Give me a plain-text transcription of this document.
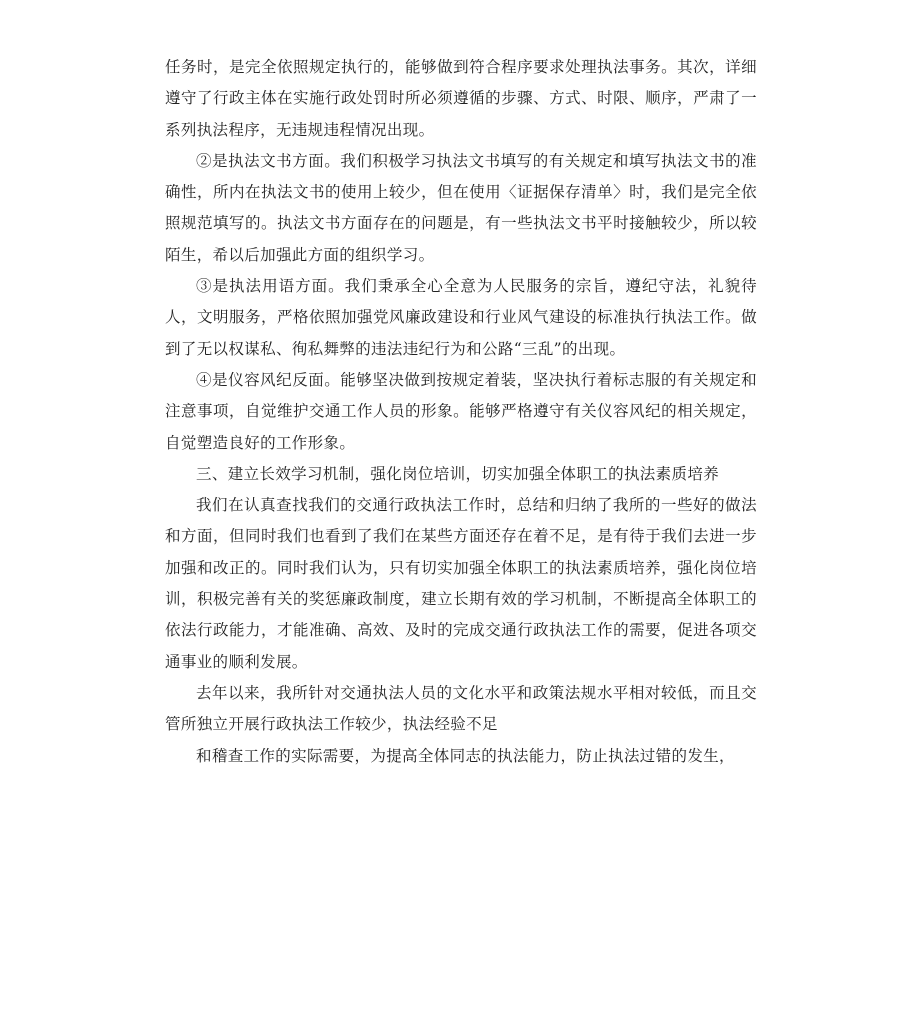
任务时，是完全依照规定执行的，能够做到符合程序要求处理执法事务。其次，详细遵守了行政主体在实施行政处罚时所必须遵循的步骤、方式、时限、顺序，严肃了一系列执法程序，无违规违程情况出现。

②是执法文书方面。我们积极学习执法文书填写的有关规定和填写执法文书的准确性，所内在执法文书的使用上较少，但在使用〈证据保存清单〉时，我们是完全依照规范填写的。执法文书方面存在的问题是，有一些执法文书平时接触较少，所以较陌生，希以后加强此方面的组织学习。

③是执法用语方面。我们秉承全心全意为人民服务的宗旨，遵纪守法，礼貌待人，文明服务，严格依照加强党风廉政建设和行业风气建设的标准执行执法工作。做到了无以权谋私、徇私舞弊的违法违纪行为和公路“三乱”的出现。

④是仪容风纪反面。能够坚决做到按规定着装，坚决执行着标志服的有关规定和注意事项，自觉维护交通工作人员的形象。能够严格遵守有关仪容风纪的相关规定，自觉塑造良好的工作形象。

三、建立长效学习机制，强化岗位培训，切实加强全体职工的执法素质培养

我们在认真查找我们的交通行政执法工作时，总结和归纳了我所的一些好的做法和方面，但同时我们也看到了我们在某些方面还存在着不足，是有待于我们去进一步加强和改正的。同时我们认为，只有切实加强全体职工的执法素质培养，强化岗位培训，积极完善有关的奖惩廉政制度，建立长期有效的学习机制，不断提高全体职工的依法行政能力，才能准确、高效、及时的完成交通行政执法工作的需要，促进各项交通事业的顺利发展。

去年以来，我所针对交通执法人员的文化水平和政策法规水平相对较低，而且交管所独立开展行政执法工作较少，执法经验不足

和稽查工作的实际需要，为提高全体同志的执法能力，防止执法过错的发生，
